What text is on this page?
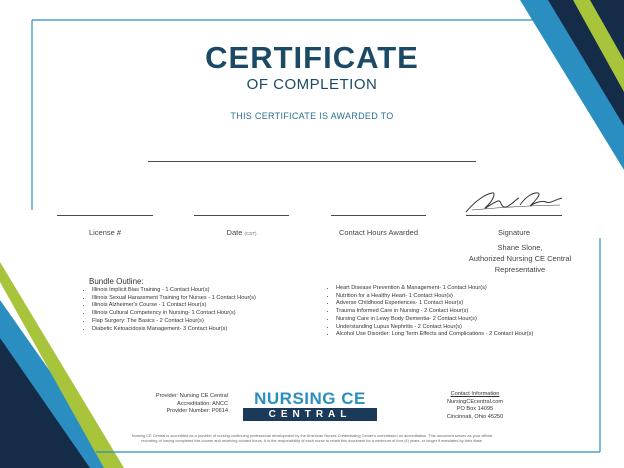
CERTIFICATE
OF COMPLETION
THIS CERTIFICATE IS AWARDED TO
License #	Date (CST)	Contact Hours Awarded	Signature
Shane Slone,
Authorized Nursing CE Central
Representative
Bundle Outline:
• Illinois Implicit Bias Training - 1 Contact Hour(s)
• Illinois Sexual Harassment Training for Nurses - 1 Contact Hour(s)
• Illinois Alzheimer's Course - 1 Contact Hour(s)
• Illinois Cultural Competency in Nursing- 1 Contact Hour(s)
• Flap Surgery: The Basics - 2 Contact Hour(s)
• Diabetic Ketoacidosis Management- 3 Contact Hour(s)
• Heart Disease Prevention & Management- 1 Contact Hour(s)
• Nutrition for a Healthy Heart- 1 Contact Hour(s)
• Adverse Childhood Experiences- 1 Contact Hour(s)
• Trauma Informed Care in Nursing - 2 Contact Hour(s)
• Nursing Care in Lewy Body Dementia- 2 Contact Hour(s)
• Understanding Lupus Nephritis - 2 Contact Hour(s)
• Alcohol Use Disorder: Long Term Effects and Complications - 2 Contact Hour(s)
Provider: Nursing CE Central
Accreditation: ANCC
Provider Number: P0614
NURSING CE
CENTRAL
Contact Information
NursingCEcentral.com
PO Box 14095
Cincinnati, Ohio 45250
Nursing CE Central is accredited as a provider of nursing continuing professional development by the American Nurses Credentialing Center's commission on accreditation. This document serves as your official recording of having completed this course and receiving contact hours. It is the responsibility of each nurse to retain this document for a minimum of four (4) years, or longer if mandated by their state.
